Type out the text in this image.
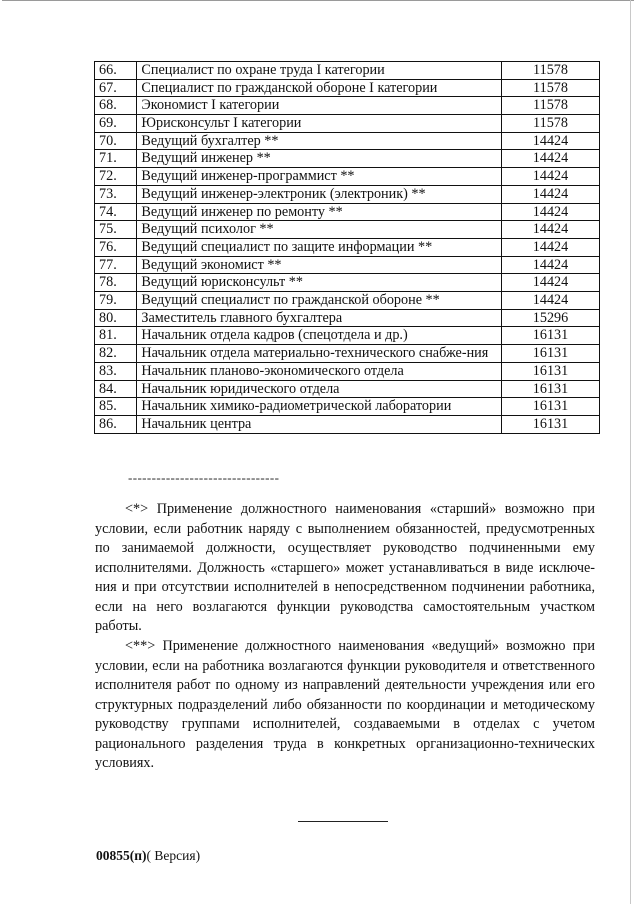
66.	Специалист по охране труда I категории	11578
67.	Специалист по гражданской обороне I категории	11578
68.	Экономист I категории	11578
69.	Юрисконсульт I категории	11578
70.	Ведущий бухгалтер **	14424
71.	Ведущий инженер **	14424
72.	Ведущий инженер-программист **	14424
73.	Ведущий инженер-электроник (электроник) **	14424
74.	Ведущий инженер по ремонту **	14424
75.	Ведущий психолог **	14424
76.	Ведущий специалист по защите информации **	14424
77.	Ведущий экономист **	14424
78.	Ведущий юрисконсульт **	14424
79.	Ведущий специалист по гражданской обороне **	14424
80.	Заместитель главного бухгалтера	15296
81.	Начальник отдела кадров (спецотдела и др.)	16131
82.	Начальник отдела материально-технического снабже-ния	16131
83.	Начальник планово-экономического отдела	16131
84.	Начальник юридического отдела	16131
85.	Начальник химико-радиометрической лаборатории	16131
86.	Начальник центра	16131
--------------------------------

<*> Применение должностного наименования «старший» возможно при условии, если работник наряду с выполнением обязанностей, предусмотренных по занимаемой должности, осуществляет руководство подчиненными ему исполнителями. Должность «старшего» может устанавливаться в виде исключения и при отсутствии исполнителей в непосредственном подчинении работника, если на него возлагаются функции руководства самостоятельным участком работы.

<**> Применение должностного наименования «ведущий» возможно при условии, если на работника возлагаются функции руководителя и ответственного исполнителя работ по одному из направлений деятельности учреждения или его структурных подразделений либо обязанности по координации и методическому руководству группами исполнителей, создаваемыми в отделах с учетом рационального разделения труда в конкретных организационно-технических условиях.

00855(п)( Версия)
